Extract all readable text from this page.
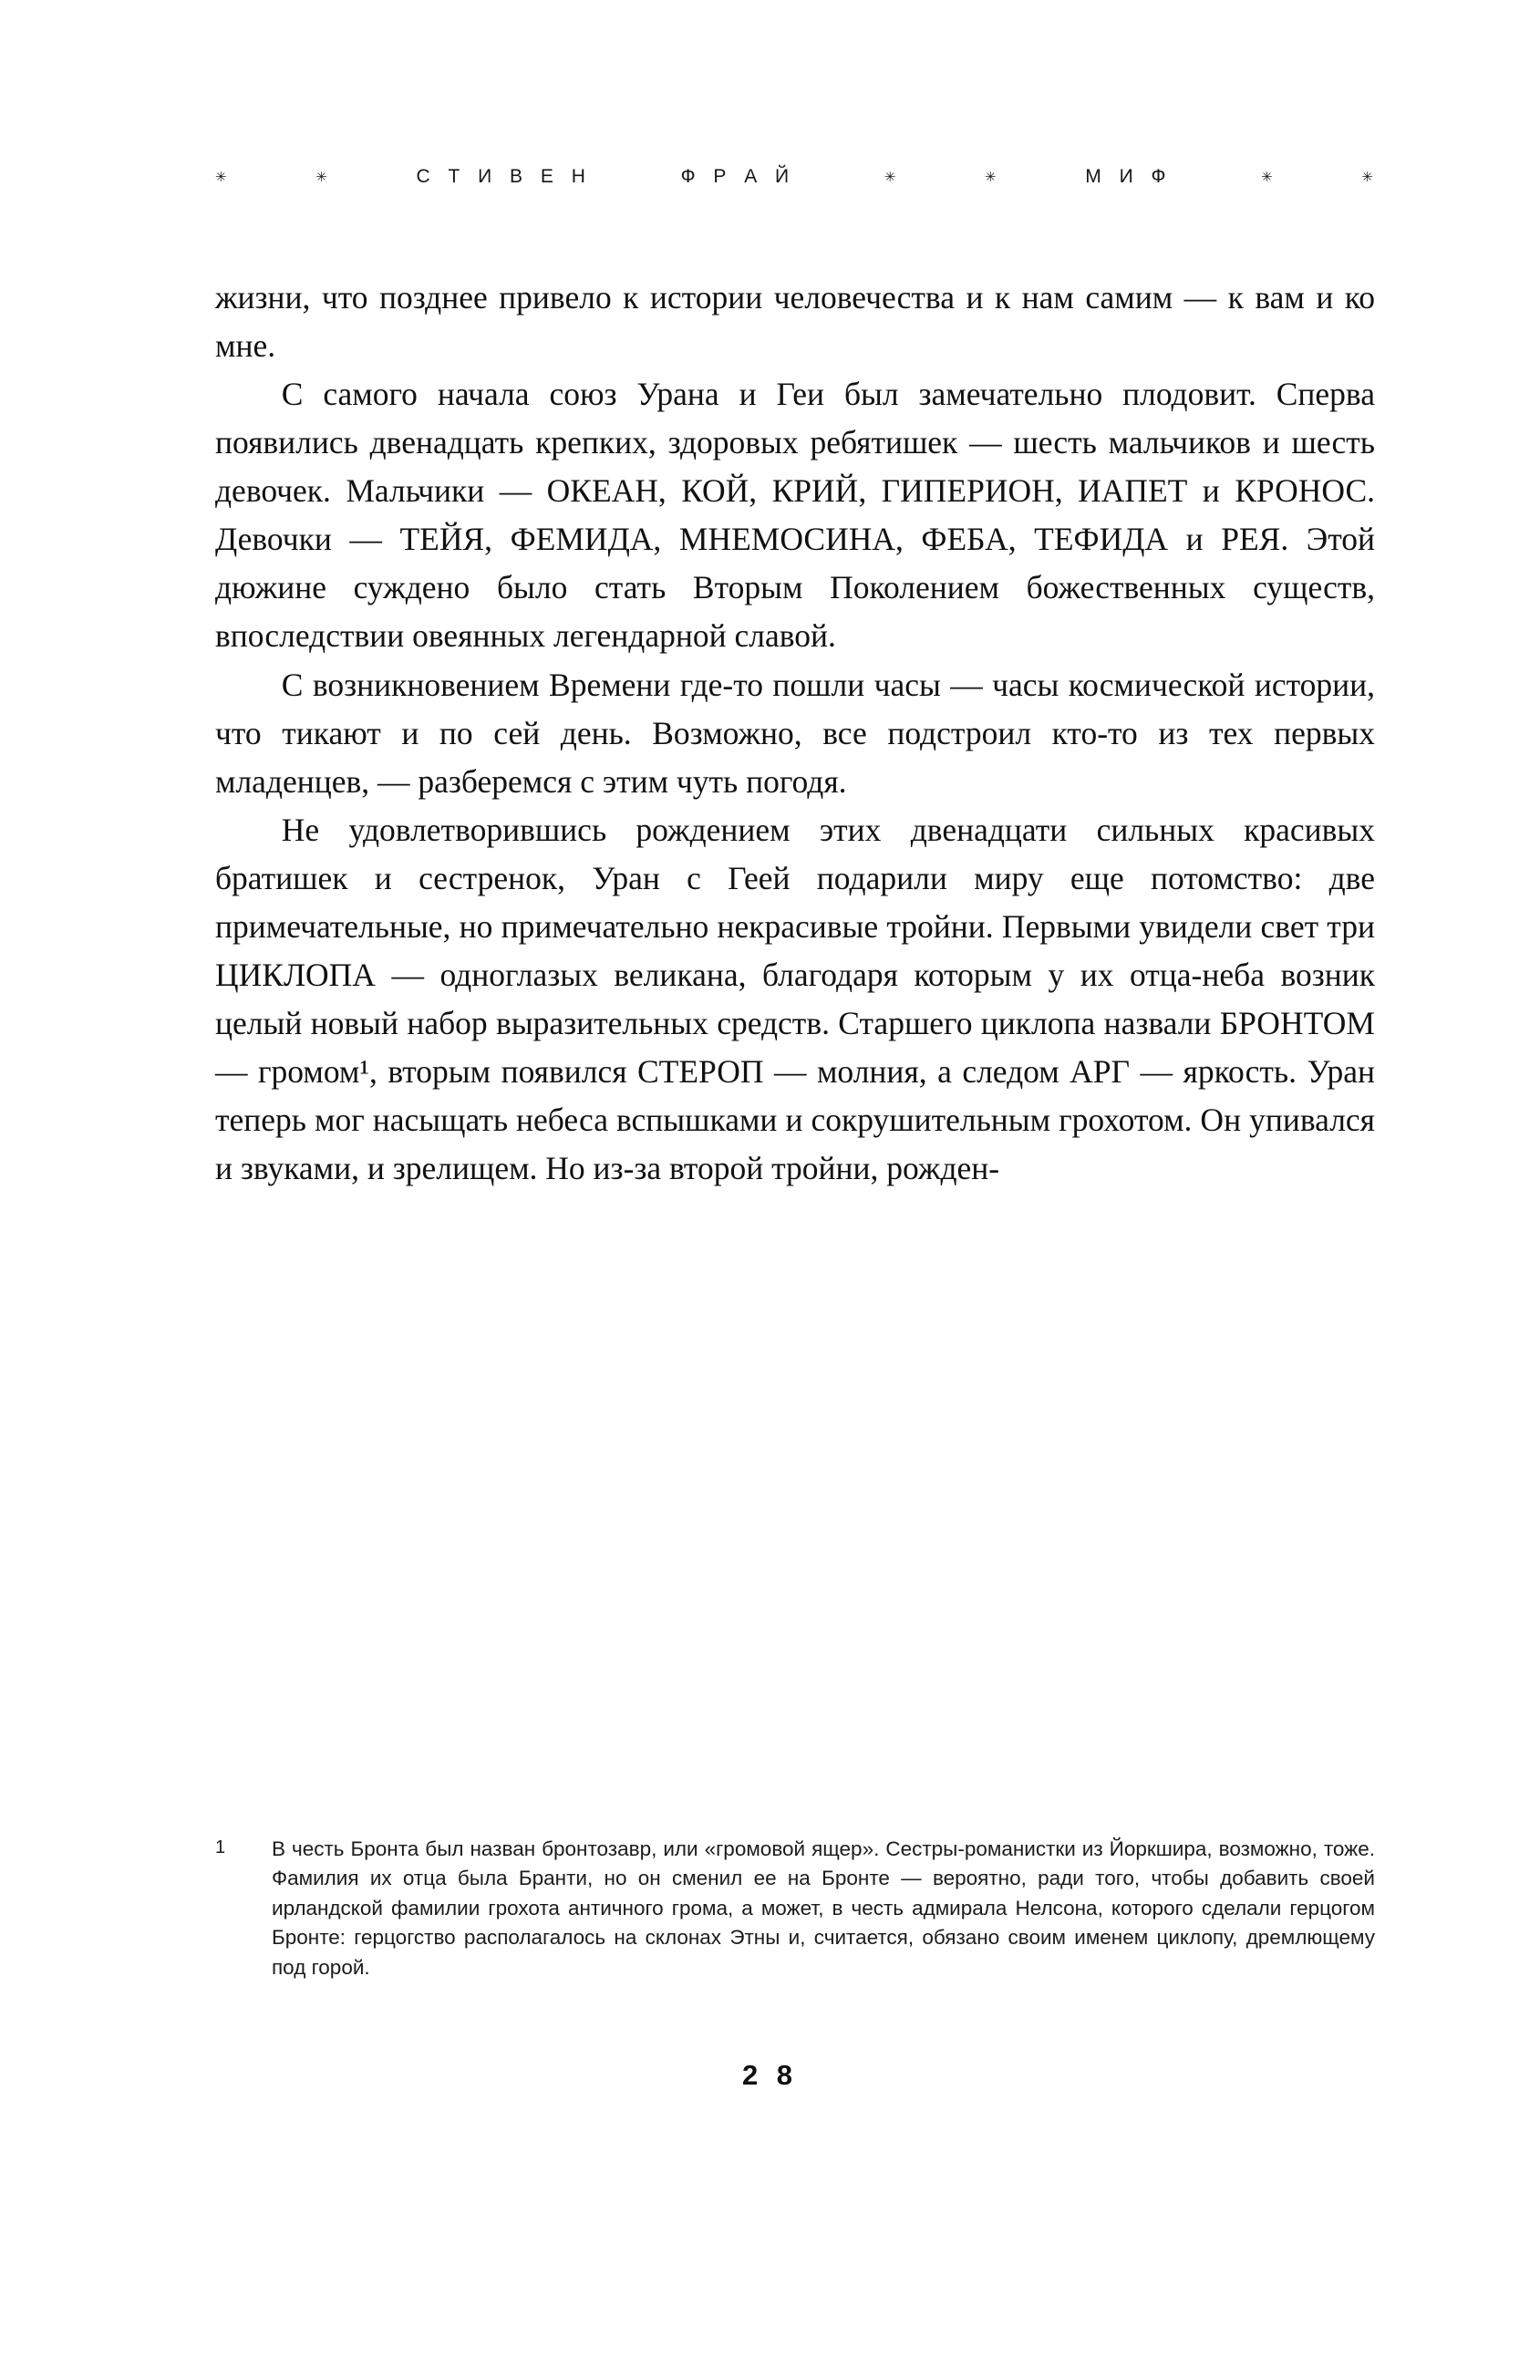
✳	✳	С Т И В Е Н	Ф Р А Й	✳	✳	М И Ф	✳	✳

жизни, что позднее привело к истории человечества и к нам самим — к вам и ко мне.

С самого начала союз Урана и Геи был замечательно плодовит. Сперва появились двенадцать крепких, здоровых ребятишек — шесть мальчиков и шесть девочек. Мальчики — ОКЕАН, КОЙ, КРИЙ, ГИПЕРИОН, ИАПЕТ и КРОНОС. Девочки — ТЕЙЯ, ФЕМИДА, МНЕМОСИНА, ФЕБА, ТЕФИДА и РЕЯ. Этой дюжине суждено было стать Вторым Поколением божественных существ, впоследствии овеянных легендарной славой.

С возникновением Времени где-то пошли часы — часы космической истории, что тикают и по сей день. Возможно, все подстроил кто-то из тех первых младенцев, — разберемся с этим чуть погодя.

Не удовлетворившись рождением этих двенадцати сильных красивых братишек и сестренок, Уран с Геей подарили миру еще потомство: две примечательные, но примечательно некрасивые тройни. Первыми увидели свет три ЦИКЛОПА — одноглазых великана, благодаря которым у их отца-неба возник целый новый набор выразительных средств. Старшего циклопа назвали БРОНТОМ — громом¹, вторым появился СТЕРОП — молния, а следом АРГ — яркость. Уран теперь мог насыщать небеса вспышками и сокрушительным грохотом. Он упивался и звуками, и зрелищем. Но из-за второй тройни, рожден-

1	В честь Бронта был назван бронтозавр, или «громовой ящер». Сестры-романистки из Йоркшира, возможно, тоже. Фамилия их отца была Бранти, но он сменил ее на Бронте — вероятно, ради того, чтобы добавить своей ирландской фамилии грохота античного грома, а может, в честь адмирала Нелсона, которого сделали герцогом Бронте: герцогство располагалось на склонах Этны и, считается, обязано своим именем циклопу, дремлющему под горой.
2 8
